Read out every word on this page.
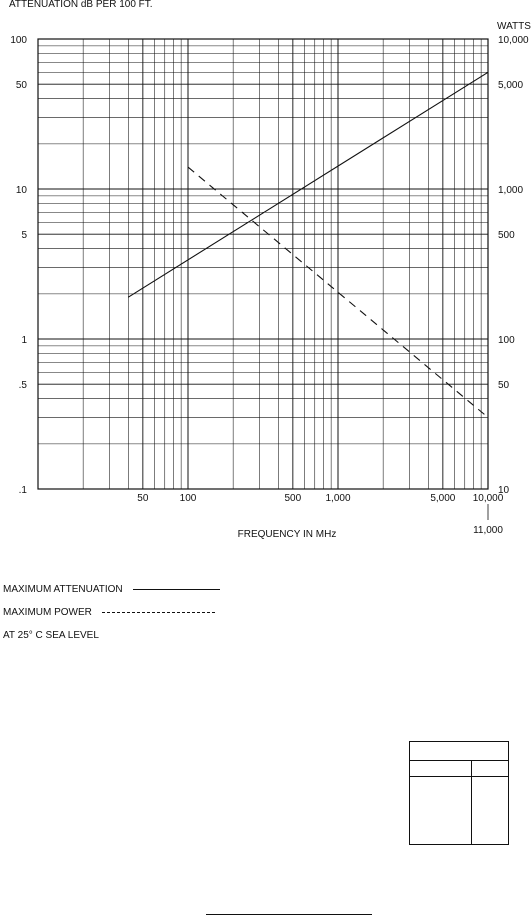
ATTENUATION dB PER 100 FT.
WATTS
50	100	500 1,000	5,000 10,000
100
50
10
5
1
.5
.1
10,000
5,000
1,000
500
100
50
10
11,000
FREQUENCY IN MHz
MAXIMUM ATTENUATION
MAXIMUM POWER
AT 25° C SEA LEVEL
